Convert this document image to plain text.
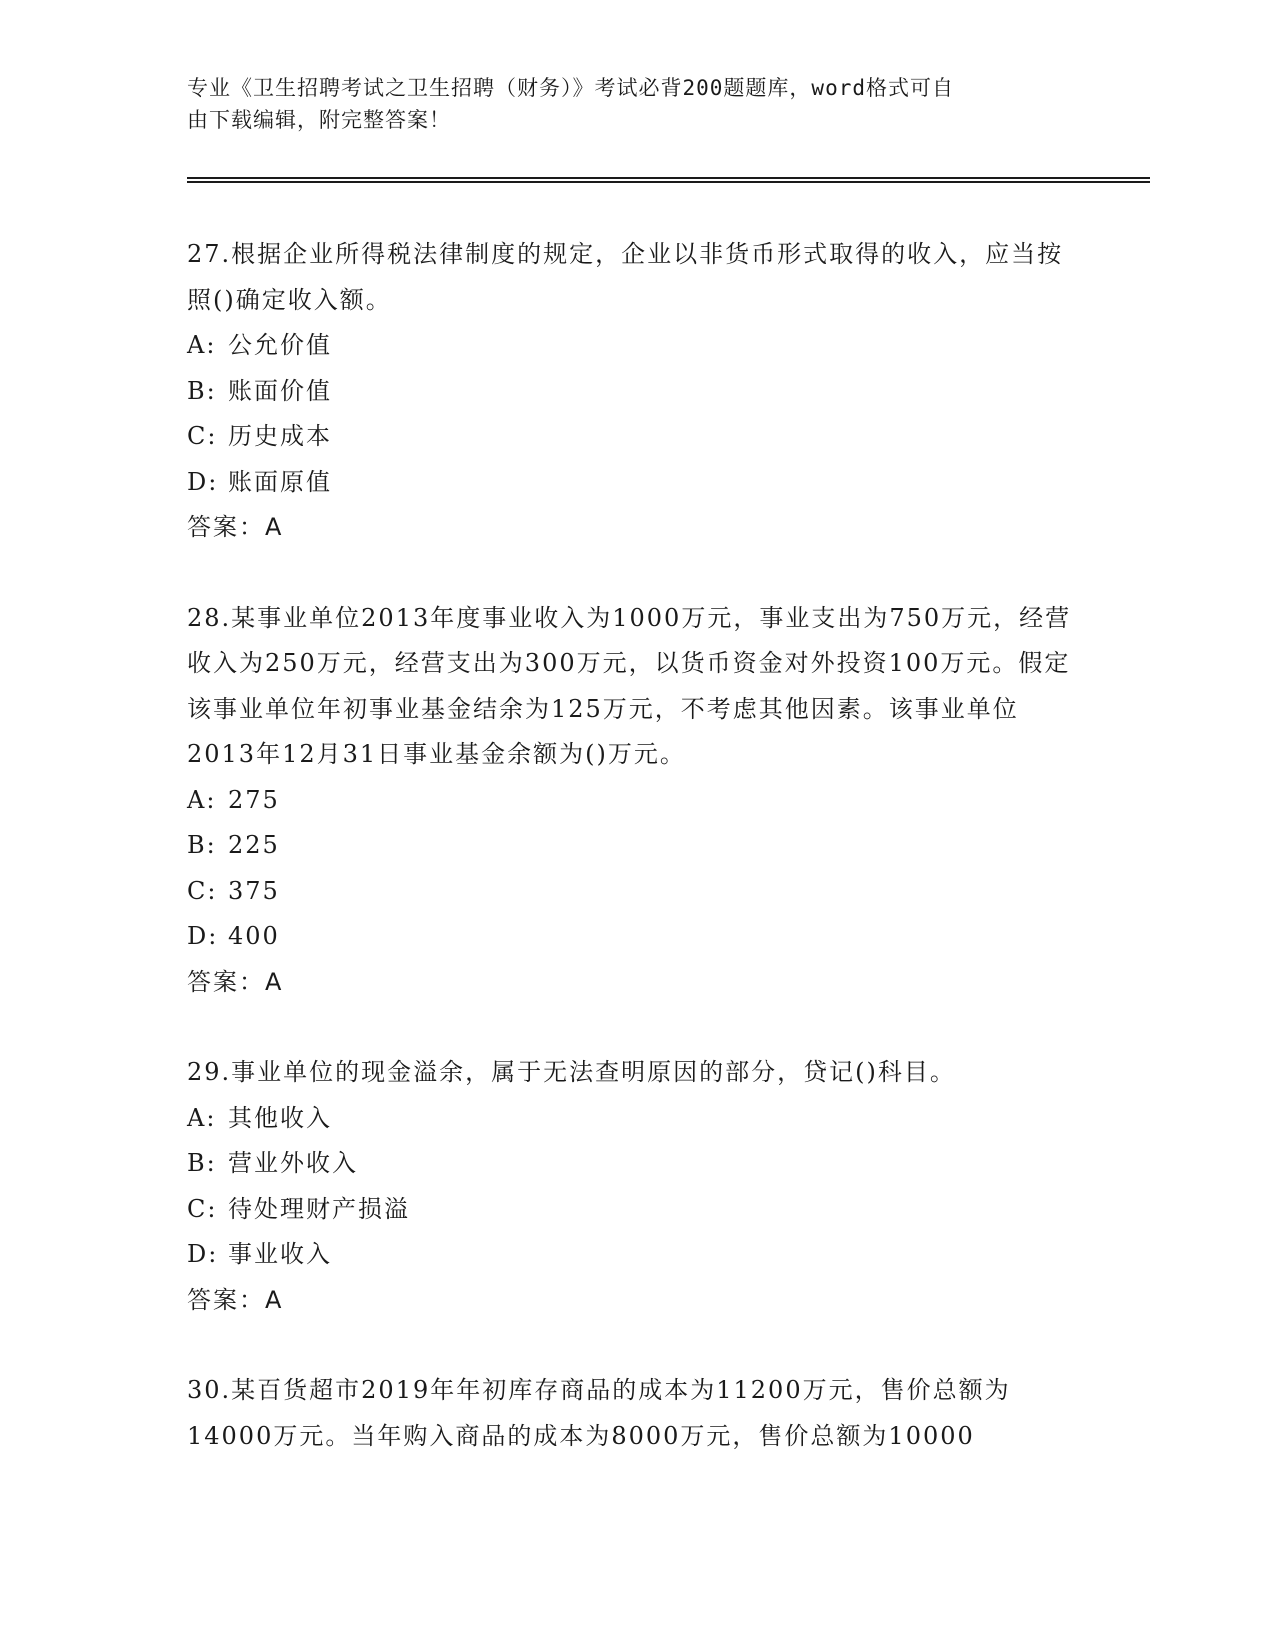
专业《卫生招聘考试之卫生招聘（财务）》考试必背200题题库，word格式可自
由下载编辑，附完整答案！

27.根据企业所得税法律制度的规定，企业以非货币形式取得的收入，应当按照()确定收入额。

A: 公允价值

B: 账面价值

C: 历史成本

D: 账面原值

答案：A

28.某事业单位2013年度事业收入为1000万元，事业支出为750万元，经营收入为250万元，经营支出为300万元，以货币资金对外投资100万元。假定该事业单位年初事业基金结余为125万元，不考虑其他因素。该事业单位2013年12月31日事业基金余额为()万元。

A: 275

B: 225

C: 375

D: 400

答案：A

29.事业单位的现金溢余，属于无法查明原因的部分，贷记()科目。

A: 其他收入

B: 营业外收入

C: 待处理财产损溢

D: 事业收入

答案：A

30.某百货超市2019年年初库存商品的成本为11200万元，售价总额为14000万元。当年购入商品的成本为8000万元，售价总额为10000
